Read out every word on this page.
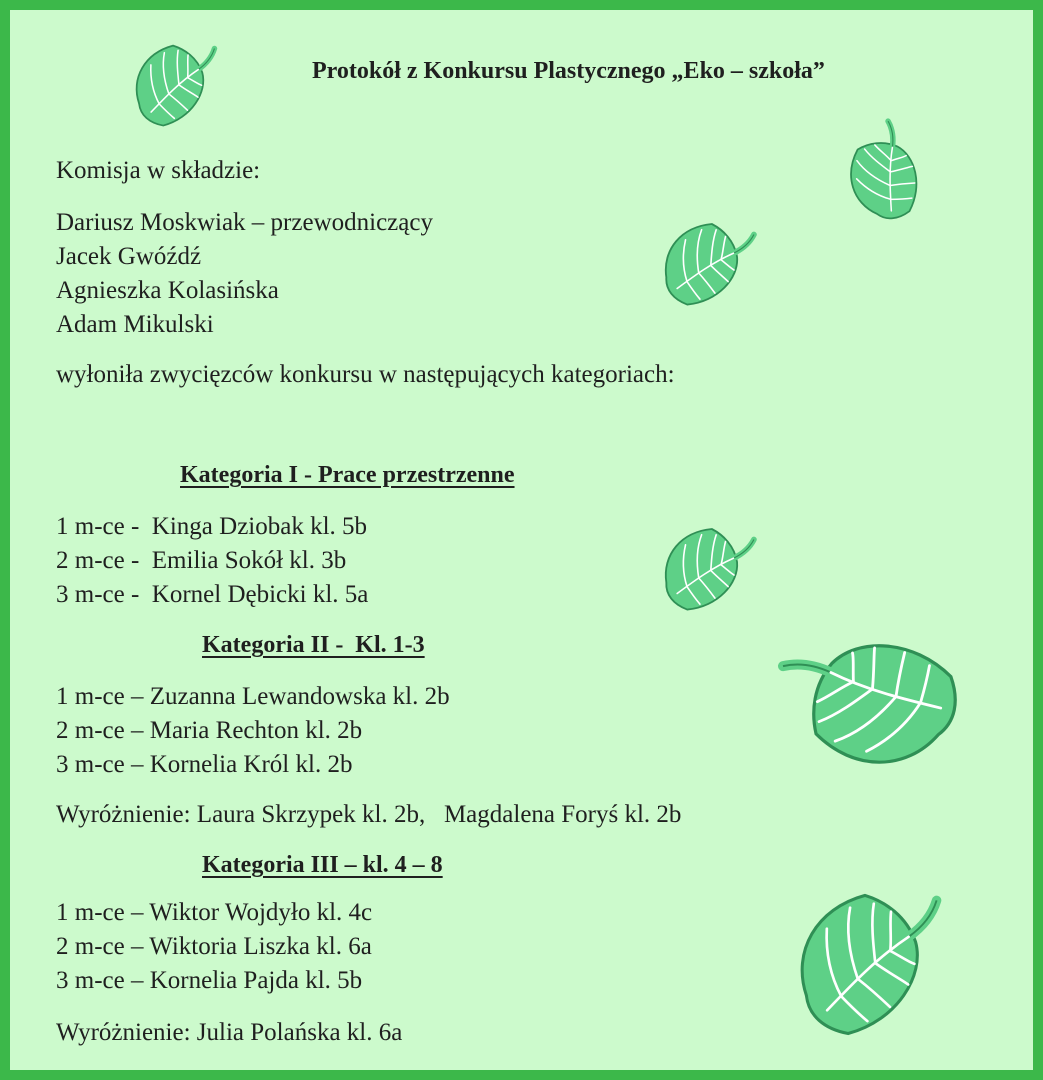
Protokół z Konkursu Plastycznego „Eko – szkoła”
Komisja w składzie:
Dariusz Moskwiak – przewodniczący
Jacek Gwóźdź
Agnieszka Kolasińska
Adam Mikulski
wyłoniła zwycięzców konkursu w następujących kategoriach:
Kategoria I - Prace przestrzenne
1 m-ce -  Kinga Dziobak kl. 5b
2 m-ce -  Emilia Sokół kl. 3b
3 m-ce -  Kornel Dębicki kl. 5a
Kategoria II -  Kl. 1-3
1 m-ce – Zuzanna Lewandowska kl. 2b
2 m-ce – Maria Rechton kl. 2b
3 m-ce – Kornelia Król kl. 2b
Wyróżnienie: Laura Skrzypek kl. 2b,   Magdalena Foryś kl. 2b
Kategoria III – kl. 4 – 8
1 m-ce – Wiktor Wojdyło kl. 4c
2 m-ce – Wiktoria Liszka kl. 6a
3 m-ce – Kornelia Pajda kl. 5b
Wyróżnienie: Julia Polańska kl. 6a
